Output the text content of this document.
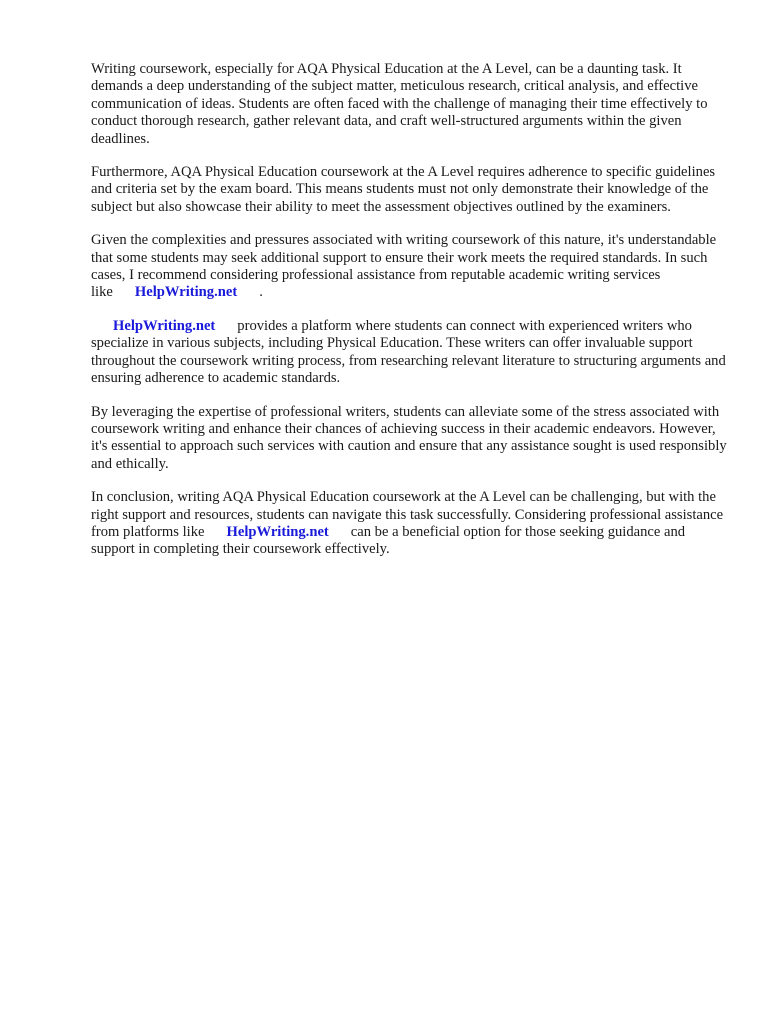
Writing coursework, especially for AQA Physical Education at the A Level, can be a daunting task. It demands a deep understanding of the subject matter, meticulous research, critical analysis, and effective communication of ideas. Students are often faced with the challenge of managing their time effectively to conduct thorough research, gather relevant data, and craft well-structured arguments within the given deadlines.

Furthermore, AQA Physical Education coursework at the A Level requires adherence to specific guidelines and criteria set by the exam board. This means students must not only demonstrate their knowledge of the subject but also showcase their ability to meet the assessment objectives outlined by the examiners.

Given the complexities and pressures associated with writing coursework of this nature, it's understandable that some students may seek additional support to ensure their work meets the required standards. In such cases, I recommend considering professional assistance from reputable academic writing services like HelpWriting.net .

HelpWriting.net provides a platform where students can connect with experienced writers who specialize in various subjects, including Physical Education. These writers can offer invaluable support throughout the coursework writing process, from researching relevant literature to structuring arguments and ensuring adherence to academic standards.

By leveraging the expertise of professional writers, students can alleviate some of the stress associated with coursework writing and enhance their chances of achieving success in their academic endeavors. However, it's essential to approach such services with caution and ensure that any assistance sought is used responsibly and ethically.

In conclusion, writing AQA Physical Education coursework at the A Level can be challenging, but with the right support and resources, students can navigate this task successfully. Considering professional assistance from platforms like HelpWriting.net can be a beneficial option for those seeking guidance and support in completing their coursework effectively.
